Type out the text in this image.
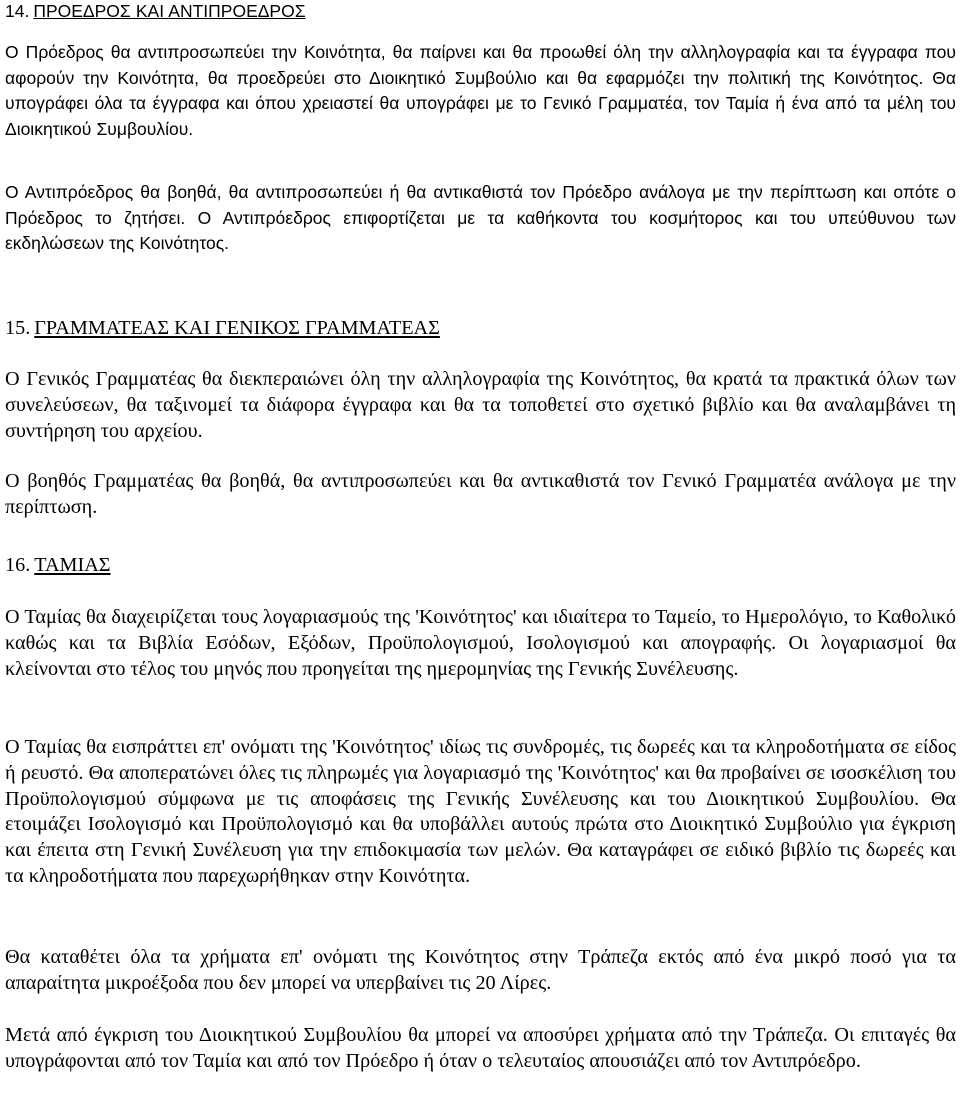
14. ΠΡΟΕΔΡΟΣ ΚΑΙ ΑΝΤΙΠΡΟΕΔΡΟΣ

Ο Πρόεδρος θα αντιπροσωπεύει την Κοινότητα, θα παίρνει και θα προωθεί όλη την αλληλογραφία και τα έγγραφα που αφορούν την Κοινότητα, θα προεδρεύει στο Διοικητικό Συμβούλιο και θα εφαρμόζει την πολιτική της Κοινότητος. Θα υπογράφει όλα τα έγγραφα και όπου χρειαστεί θα υπογράφει με το Γενικό Γραμματέα, τον Ταμία ή ένα από τα μέλη του Διοικητικού Συμβουλίου.

Ο Αντιπρόεδρος θα βοηθά, θα αντιπροσωπεύει ή θα αντικαθιστά τον Πρόεδρο ανάλογα με την περίπτωση και οπότε ο Πρόεδρος το ζητήσει. Ο Αντιπρόεδρος επιφορτίζεται με τα καθήκοντα του κοσμήτορος και του υπεύθυνου των εκδηλώσεων της Κοινότητος.

15. ΓΡΑΜΜΑΤΕΑΣ ΚΑΙ ΓΕΝΙΚΟΣ ΓΡΑΜΜΑΤΕΑΣ

Ο Γενικός Γραμματέας θα διεκπεραιώνει όλη την αλληλογραφία της Κοινότητος, θα κρατά τα πρακτικά όλων των συνελεύσεων, θα ταξινομεί τα διάφορα έγγραφα και θα τα τοποθετεί στο σχετικό βιβλίο και θα αναλαμβάνει τη συντήρηση του αρχείου.

Ο βοηθός Γραμματέας θα βοηθά, θα αντιπροσωπεύει και θα αντικαθιστά τον Γενικό Γραμματέα ανάλογα με την περίπτωση.

16. ΤΑΜΙΑΣ

Ο Ταμίας θα διαχειρίζεται τους λογαριασμούς της 'Κοινότητος' και ιδιαίτερα το Ταμείο, το Ημερολόγιο, το Καθολικό καθώς και τα Βιβλία Εσόδων, Εξόδων, Προϋπολογισμού, Ισολογισμού και απογραφής. Οι λογαριασμοί θα κλείνονται στο τέλος του μηνός που προηγείται της ημερομηνίας της Γενικής Συνέλευσης.

Ο Ταμίας θα εισπράττει επ' ονόματι της 'Κοινότητος' ιδίως τις συνδρομές, τις δωρεές και τα κληροδοτήματα σε είδος ή ρευστό. Θα αποπερατώνει όλες τις πληρωμές για λογαριασμό της 'Κοινότητος' και θα προβαίνει σε ισοσκέλιση του Προϋπολογισμού σύμφωνα με τις αποφάσεις της Γενικής Συνέλευσης και του Διοικητικού Συμβουλίου. Θα ετοιμάζει Ισολογισμό και Προϋπολογισμό και θα υποβάλλει αυτούς πρώτα στο Διοικητικό Συμβούλιο για έγκριση και έπειτα στη Γενική Συνέλευση για την επιδοκιμασία των μελών. Θα καταγράφει σε ειδικό βιβλίο τις δωρεές και τα κληροδοτήματα που παρεχωρήθηκαν στην Κοινότητα.

Θα καταθέτει όλα τα χρήματα επ' ονόματι της Κοινότητος στην Τράπεζα εκτός από ένα μικρό ποσό για τα απαραίτητα μικροέξοδα που δεν μπορεί να υπερβαίνει τις 20 Λίρες.

Μετά από έγκριση του Διοικητικού Συμβουλίου θα μπορεί να αποσύρει χρήματα από την Τράπεζα. Οι επιταγές θα υπογράφονται από τον Ταμία και από τον Πρόεδρο ή όταν ο τελευταίος απουσιάζει από τον Αντιπρόεδρο.
